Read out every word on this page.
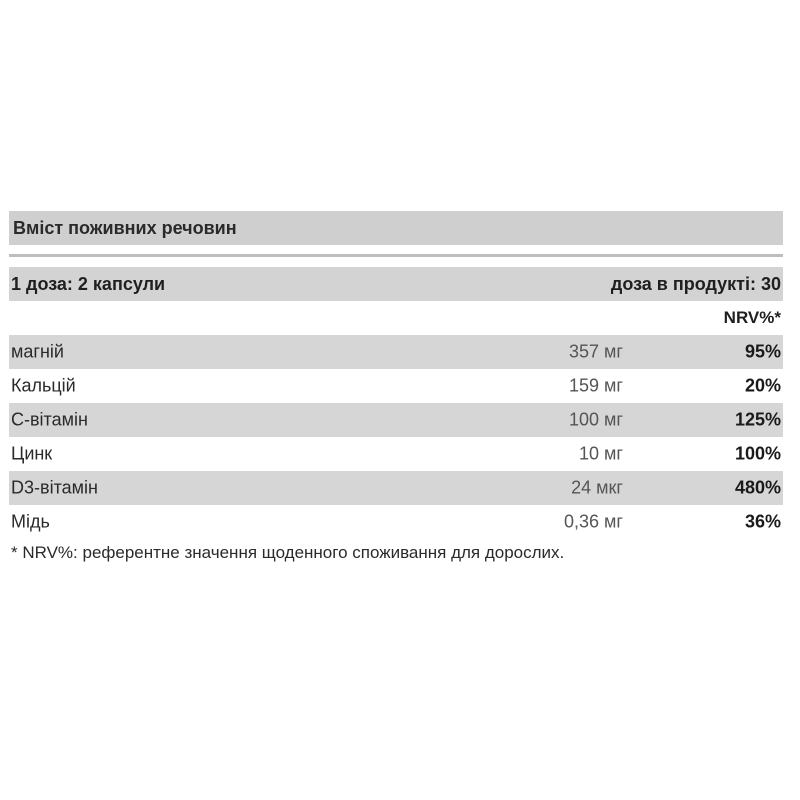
Вміст поживних речовин
1 доза: 2 капсули	доза в продукті: 30
NRV%*
магній	357 мг	95%
Кальцій	159 мг	20%
С-вітамін	100 мг	125%
Цинк	10 мг	100%
D3-вітамін	24 мкг	480%
Мідь	0,36 мг	36%
* NRV%: референтне значення щоденного споживання для дорослих.
